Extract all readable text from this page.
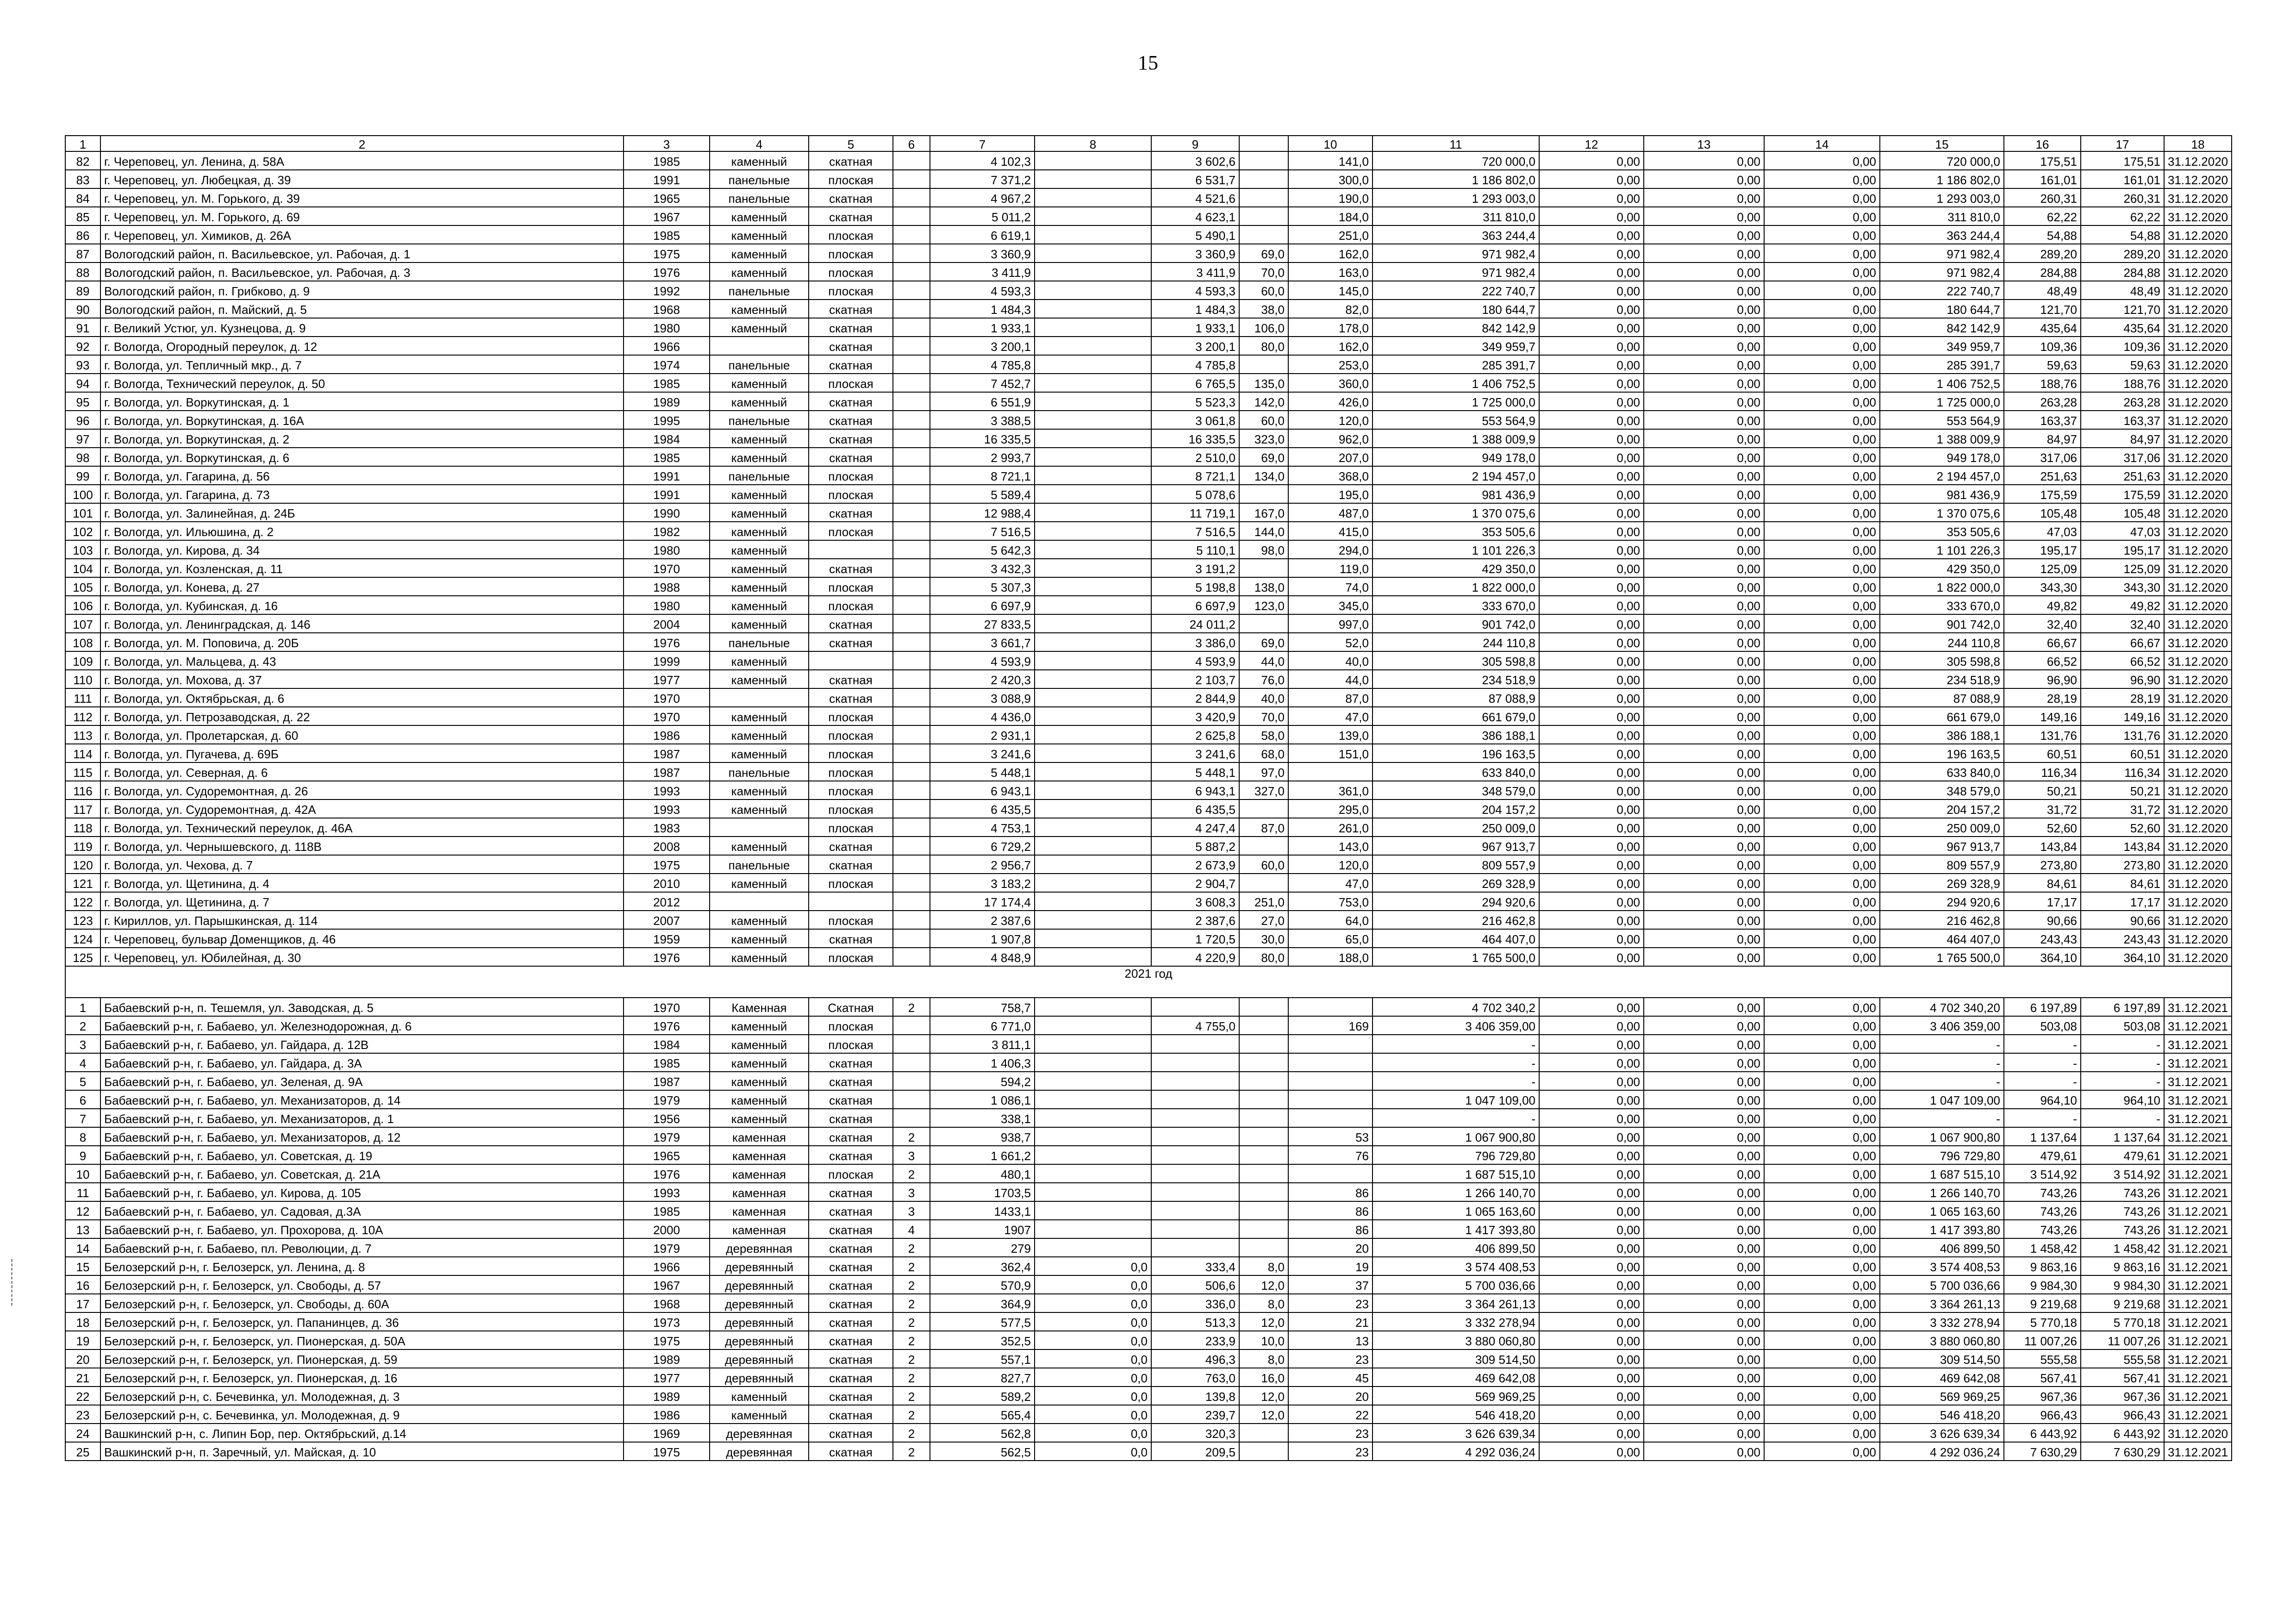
15
1	2	3	4	5	6	7	8	9		10	11	12	13	14	15	16	17	18
82	г. Череповец, ул. Ленина, д. 58А	1985	каменный	скатная		4 102,3		3 602,6		141,0	720 000,0	0,00	0,00	0,00	720 000,0	175,51	175,51	31.12.2020
83	г. Череповец, ул. Любецкая, д. 39	1991	панельные	плоская		7 371,2		6 531,7		300,0	1 186 802,0	0,00	0,00	0,00	1 186 802,0	161,01	161,01	31.12.2020
84	г. Череповец, ул. М. Горького, д. 39	1965	панельные	скатная		4 967,2		4 521,6		190,0	1 293 003,0	0,00	0,00	0,00	1 293 003,0	260,31	260,31	31.12.2020
85	г. Череповец, ул. М. Горького, д. 69	1967	каменный	скатная		5 011,2		4 623,1		184,0	311 810,0	0,00	0,00	0,00	311 810,0	62,22	62,22	31.12.2020
86	г. Череповец, ул. Химиков, д. 26А	1985	каменный	плоская		6 619,1		5 490,1		251,0	363 244,4	0,00	0,00	0,00	363 244,4	54,88	54,88	31.12.2020
87	Вологодский район, п. Васильевское, ул. Рабочая, д. 1	1975	каменный	плоская		3 360,9		3 360,9	69,0	162,0	971 982,4	0,00	0,00	0,00	971 982,4	289,20	289,20	31.12.2020
88	Вологодский район, п. Васильевское, ул. Рабочая, д. 3	1976	каменный	плоская		3 411,9		3 411,9	70,0	163,0	971 982,4	0,00	0,00	0,00	971 982,4	284,88	284,88	31.12.2020
89	Вологодский район, п. Грибково, д. 9	1992	панельные	плоская		4 593,3		4 593,3	60,0	145,0	222 740,7	0,00	0,00	0,00	222 740,7	48,49	48,49	31.12.2020
90	Вологодский район, п. Майский, д. 5	1968	каменный	скатная		1 484,3		1 484,3	38,0	82,0	180 644,7	0,00	0,00	0,00	180 644,7	121,70	121,70	31.12.2020
91	г. Великий Устюг, ул. Кузнецова, д. 9	1980	каменный	скатная		1 933,1		1 933,1	106,0	178,0	842 142,9	0,00	0,00	0,00	842 142,9	435,64	435,64	31.12.2020
92	г. Вологда, Огородный переулок, д. 12	1966		скатная		3 200,1		3 200,1	80,0	162,0	349 959,7	0,00	0,00	0,00	349 959,7	109,36	109,36	31.12.2020
93	г. Вологда, ул. Тепличный мкр., д. 7	1974	панельные	скатная		4 785,8		4 785,8		253,0	285 391,7	0,00	0,00	0,00	285 391,7	59,63	59,63	31.12.2020
94	г. Вологда, Технический переулок, д. 50	1985	каменный	плоская		7 452,7		6 765,5	135,0	360,0	1 406 752,5	0,00	0,00	0,00	1 406 752,5	188,76	188,76	31.12.2020
95	г. Вологда, ул. Воркутинская, д. 1	1989	каменный	скатная		6 551,9		5 523,3	142,0	426,0	1 725 000,0	0,00	0,00	0,00	1 725 000,0	263,28	263,28	31.12.2020
96	г. Вологда, ул. Воркутинская, д. 16А	1995	панельные	скатная		3 388,5		3 061,8	60,0	120,0	553 564,9	0,00	0,00	0,00	553 564,9	163,37	163,37	31.12.2020
97	г. Вологда, ул. Воркутинская, д. 2	1984	каменный	скатная		16 335,5		16 335,5	323,0	962,0	1 388 009,9	0,00	0,00	0,00	1 388 009,9	84,97	84,97	31.12.2020
98	г. Вологда, ул. Воркутинская, д. 6	1985	каменный	скатная		2 993,7		2 510,0	69,0	207,0	949 178,0	0,00	0,00	0,00	949 178,0	317,06	317,06	31.12.2020
99	г. Вологда, ул. Гагарина, д. 56	1991	панельные	плоская		8 721,1		8 721,1	134,0	368,0	2 194 457,0	0,00	0,00	0,00	2 194 457,0	251,63	251,63	31.12.2020
100	г. Вологда, ул. Гагарина, д. 73	1991	каменный	плоская		5 589,4		5 078,6		195,0	981 436,9	0,00	0,00	0,00	981 436,9	175,59	175,59	31.12.2020
101	г. Вологда, ул. Залинейная, д. 24Б	1990	каменный	скатная		12 988,4		11 719,1	167,0	487,0	1 370 075,6	0,00	0,00	0,00	1 370 075,6	105,48	105,48	31.12.2020
102	г. Вологда, ул. Ильюшина, д. 2	1982	каменный	плоская		7 516,5		7 516,5	144,0	415,0	353 505,6	0,00	0,00	0,00	353 505,6	47,03	47,03	31.12.2020
103	г. Вологда, ул. Кирова, д. 34	1980	каменный			5 642,3		5 110,1	98,0	294,0	1 101 226,3	0,00	0,00	0,00	1 101 226,3	195,17	195,17	31.12.2020
104	г. Вологда, ул. Козленская, д. 11	1970	каменный	скатная		3 432,3		3 191,2		119,0	429 350,0	0,00	0,00	0,00	429 350,0	125,09	125,09	31.12.2020
105	г. Вологда, ул. Конева, д. 27	1988	каменный	плоская		5 307,3		5 198,8	138,0	74,0	1 822 000,0	0,00	0,00	0,00	1 822 000,0	343,30	343,30	31.12.2020
106	г. Вологда, ул. Кубинская, д. 16	1980	каменный	плоская		6 697,9		6 697,9	123,0	345,0	333 670,0	0,00	0,00	0,00	333 670,0	49,82	49,82	31.12.2020
107	г. Вологда, ул. Ленинградская, д. 146	2004	каменный	скатная		27 833,5		24 011,2		997,0	901 742,0	0,00	0,00	0,00	901 742,0	32,40	32,40	31.12.2020
108	г. Вологда, ул. М. Поповича, д. 20Б	1976	панельные	скатная		3 661,7		3 386,0	69,0	52,0	244 110,8	0,00	0,00	0,00	244 110,8	66,67	66,67	31.12.2020
109	г. Вологда, ул. Мальцева, д. 43	1999	каменный			4 593,9		4 593,9	44,0	40,0	305 598,8	0,00	0,00	0,00	305 598,8	66,52	66,52	31.12.2020
110	г. Вологда, ул. Мохова, д. 37	1977	каменный	скатная		2 420,3		2 103,7	76,0	44,0	234 518,9	0,00	0,00	0,00	234 518,9	96,90	96,90	31.12.2020
111	г. Вологда, ул. Октябрьская, д. 6	1970		скатная		3 088,9		2 844,9	40,0	87,0	87 088,9	0,00	0,00	0,00	87 088,9	28,19	28,19	31.12.2020
112	г. Вологда, ул. Петрозаводская, д. 22	1970	каменный	плоская		4 436,0		3 420,9	70,0	47,0	661 679,0	0,00	0,00	0,00	661 679,0	149,16	149,16	31.12.2020
113	г. Вологда, ул. Пролетарская, д. 60	1986	каменный	плоская		2 931,1		2 625,8	58,0	139,0	386 188,1	0,00	0,00	0,00	386 188,1	131,76	131,76	31.12.2020
114	г. Вологда, ул. Пугачева, д. 69Б	1987	каменный	плоская		3 241,6		3 241,6	68,0	151,0	196 163,5	0,00	0,00	0,00	196 163,5	60,51	60,51	31.12.2020
115	г. Вологда, ул. Северная, д. 6	1987	панельные	плоская		5 448,1		5 448,1	97,0		633 840,0	0,00	0,00	0,00	633 840,0	116,34	116,34	31.12.2020
116	г. Вологда, ул. Судоремонтная, д. 26	1993	каменный	плоская		6 943,1		6 943,1	327,0	361,0	348 579,0	0,00	0,00	0,00	348 579,0	50,21	50,21	31.12.2020
117	г. Вологда, ул. Судоремонтная, д. 42А	1993	каменный	плоская		6 435,5		6 435,5		295,0	204 157,2	0,00	0,00	0,00	204 157,2	31,72	31,72	31.12.2020
118	г. Вологда, ул. Технический переулок, д. 46А	1983		плоская		4 753,1		4 247,4	87,0	261,0	250 009,0	0,00	0,00	0,00	250 009,0	52,60	52,60	31.12.2020
119	г. Вологда, ул. Чернышевского, д. 118В	2008	каменный	скатная		6 729,2		5 887,2		143,0	967 913,7	0,00	0,00	0,00	967 913,7	143,84	143,84	31.12.2020
120	г. Вологда, ул. Чехова, д. 7	1975	панельные	скатная		2 956,7		2 673,9	60,0	120,0	809 557,9	0,00	0,00	0,00	809 557,9	273,80	273,80	31.12.2020
121	г. Вологда, ул. Щетинина, д. 4	2010	каменный	плоская		3 183,2		2 904,7		47,0	269 328,9	0,00	0,00	0,00	269 328,9	84,61	84,61	31.12.2020
122	г. Вологда, ул. Щетинина, д. 7	2012				17 174,4		3 608,3	251,0	753,0	294 920,6	0,00	0,00	0,00	294 920,6	17,17	17,17	31.12.2020
123	г. Кириллов, ул. Парышкинская, д. 114	2007	каменный	плоская		2 387,6		2 387,6	27,0	64,0	216 462,8	0,00	0,00	0,00	216 462,8	90,66	90,66	31.12.2020
124	г. Череповец, бульвар Доменщиков, д. 46	1959	каменный	скатная		1 907,8		1 720,5	30,0	65,0	464 407,0	0,00	0,00	0,00	464 407,0	243,43	243,43	31.12.2020
125	г. Череповец, ул. Юбилейная, д. 30	1976	каменный	плоская		4 848,9		4 220,9	80,0	188,0	1 765 500,0	0,00	0,00	0,00	1 765 500,0	364,10	364,10	31.12.2020
2021 год																		

1	Бабаевский р-н, п. Тешемля, ул. Заводская, д. 5	1970	Каменная	Скатная	2	758,7					4 702 340,2	0,00	0,00	0,00	4 702 340,20	6 197,89	6 197,89	31.12.2021
2	Бабаевский р-н, г. Бабаево, ул. Железнодорожная, д. 6	1976	каменный	плоская		6 771,0		4 755,0		169	3 406 359,00	0,00	0,00	0,00	3 406 359,00	503,08	503,08	31.12.2021
3	Бабаевский р-н, г. Бабаево, ул. Гайдара, д. 12В	1984	каменный	плоская		3 811,1					-	0,00	0,00	0,00	-	-	-	31.12.2021
4	Бабаевский р-н, г. Бабаево, ул. Гайдара, д. 3А	1985	каменный	скатная		1 406,3					-	0,00	0,00	0,00	-	-	-	31.12.2021
5	Бабаевский р-н, г. Бабаево, ул. Зеленая, д. 9А	1987	каменный	скатная		594,2					-	0,00	0,00	0,00	-	-	-	31.12.2021
6	Бабаевский р-н, г. Бабаево, ул. Механизаторов, д. 14	1979	каменный	скатная		1 086,1					1 047 109,00	0,00	0,00	0,00	1 047 109,00	964,10	964,10	31.12.2021
7	Бабаевский р-н, г. Бабаево, ул. Механизаторов, д. 1	1956	каменный	скатная		338,1					-	0,00	0,00	0,00	-	-	-	31.12.2021
8	Бабаевский р-н, г. Бабаево, ул. Механизаторов, д. 12	1979	каменная	скатная	2	938,7				53	1 067 900,80	0,00	0,00	0,00	1 067 900,80	1 137,64	1 137,64	31.12.2021
9	Бабаевский р-н, г. Бабаево, ул. Советская, д. 19	1965	каменная	скатная	3	1 661,2				76	796 729,80	0,00	0,00	0,00	796 729,80	479,61	479,61	31.12.2021
10	Бабаевский р-н, г. Бабаево, ул. Советская, д. 21А	1976	каменная	плоская	2	480,1					1 687 515,10	0,00	0,00	0,00	1 687 515,10	3 514,92	3 514,92	31.12.2021
11	Бабаевский р-н, г. Бабаево, ул. Кирова, д. 105	1993	каменная	скатная	3	1703,5				86	1 266 140,70	0,00	0,00	0,00	1 266 140,70	743,26	743,26	31.12.2021
12	Бабаевский р-н, г. Бабаево, ул. Садовая, д.3А	1985	каменная	скатная	3	1433,1				86	1 065 163,60	0,00	0,00	0,00	1 065 163,60	743,26	743,26	31.12.2021
13	Бабаевский р-н, г. Бабаево, ул. Прохорова, д. 10А	2000	каменная	скатная	4	1907				86	1 417 393,80	0,00	0,00	0,00	1 417 393,80	743,26	743,26	31.12.2021
14	Бабаевский р-н, г. Бабаево, пл. Революции, д. 7	1979	деревянная	скатная	2	279				20	406 899,50	0,00	0,00	0,00	406 899,50	1 458,42	1 458,42	31.12.2021
15	Белозерский р-н, г. Белозерск, ул. Ленина, д. 8	1966	деревянный	скатная	2	362,4	0,0	333,4	8,0	19	3 574 408,53	0,00	0,00	0,00	3 574 408,53	9 863,16	9 863,16	31.12.2021
16	Белозерский р-н, г. Белозерск, ул. Свободы, д. 57	1967	деревянный	скатная	2	570,9	0,0	506,6	12,0	37	5 700 036,66	0,00	0,00	0,00	5 700 036,66	9 984,30	9 984,30	31.12.2021
17	Белозерский р-н, г. Белозерск, ул. Свободы, д. 60А	1968	деревянный	скатная	2	364,9	0,0	336,0	8,0	23	3 364 261,13	0,00	0,00	0,00	3 364 261,13	9 219,68	9 219,68	31.12.2021
18	Белозерский р-н, г. Белозерск, ул. Папанинцев, д. 36	1973	деревянный	скатная	2	577,5	0,0	513,3	12,0	21	3 332 278,94	0,00	0,00	0,00	3 332 278,94	5 770,18	5 770,18	31.12.2021
19	Белозерский р-н, г. Белозерск, ул. Пионерская, д. 50А	1975	деревянный	скатная	2	352,5	0,0	233,9	10,0	13	3 880 060,80	0,00	0,00	0,00	3 880 060,80	11 007,26	11 007,26	31.12.2021
20	Белозерский р-н, г. Белозерск, ул. Пионерская, д. 59	1989	деревянный	скатная	2	557,1	0,0	496,3	8,0	23	309 514,50	0,00	0,00	0,00	309 514,50	555,58	555,58	31.12.2021
21	Белозерский р-н, г. Белозерск, ул. Пионерская, д. 16	1977	деревянный	скатная	2	827,7	0,0	763,0	16,0	45	469 642,08	0,00	0,00	0,00	469 642,08	567,41	567,41	31.12.2021
22	Белозерский р-н, с. Бечевинка, ул. Молодежная, д. 3	1989	каменный	скатная	2	589,2	0,0	139,8	12,0	20	569 969,25	0,00	0,00	0,00	569 969,25	967,36	967,36	31.12.2021
23	Белозерский р-н, с. Бечевинка, ул. Молодежная, д. 9	1986	каменный	скатная	2	565,4	0,0	239,7	12,0	22	546 418,20	0,00	0,00	0,00	546 418,20	966,43	966,43	31.12.2021
24	Вашкинский р-н, с. Липин Бор, пер. Октябрьский, д.14	1969	деревянная	скатная	2	562,8	0,0	320,3		23	3 626 639,34	0,00	0,00	0,00	3 626 639,34	6 443,92	6 443,92	31.12.2020
25	Вашкинский р-н, п. Заречный, ул. Майская, д. 10	1975	деревянная	скатная	2	562,5	0,0	209,5		23	4 292 036,24	0,00	0,00	0,00	4 292 036,24	7 630,29	7 630,29	31.12.2021
